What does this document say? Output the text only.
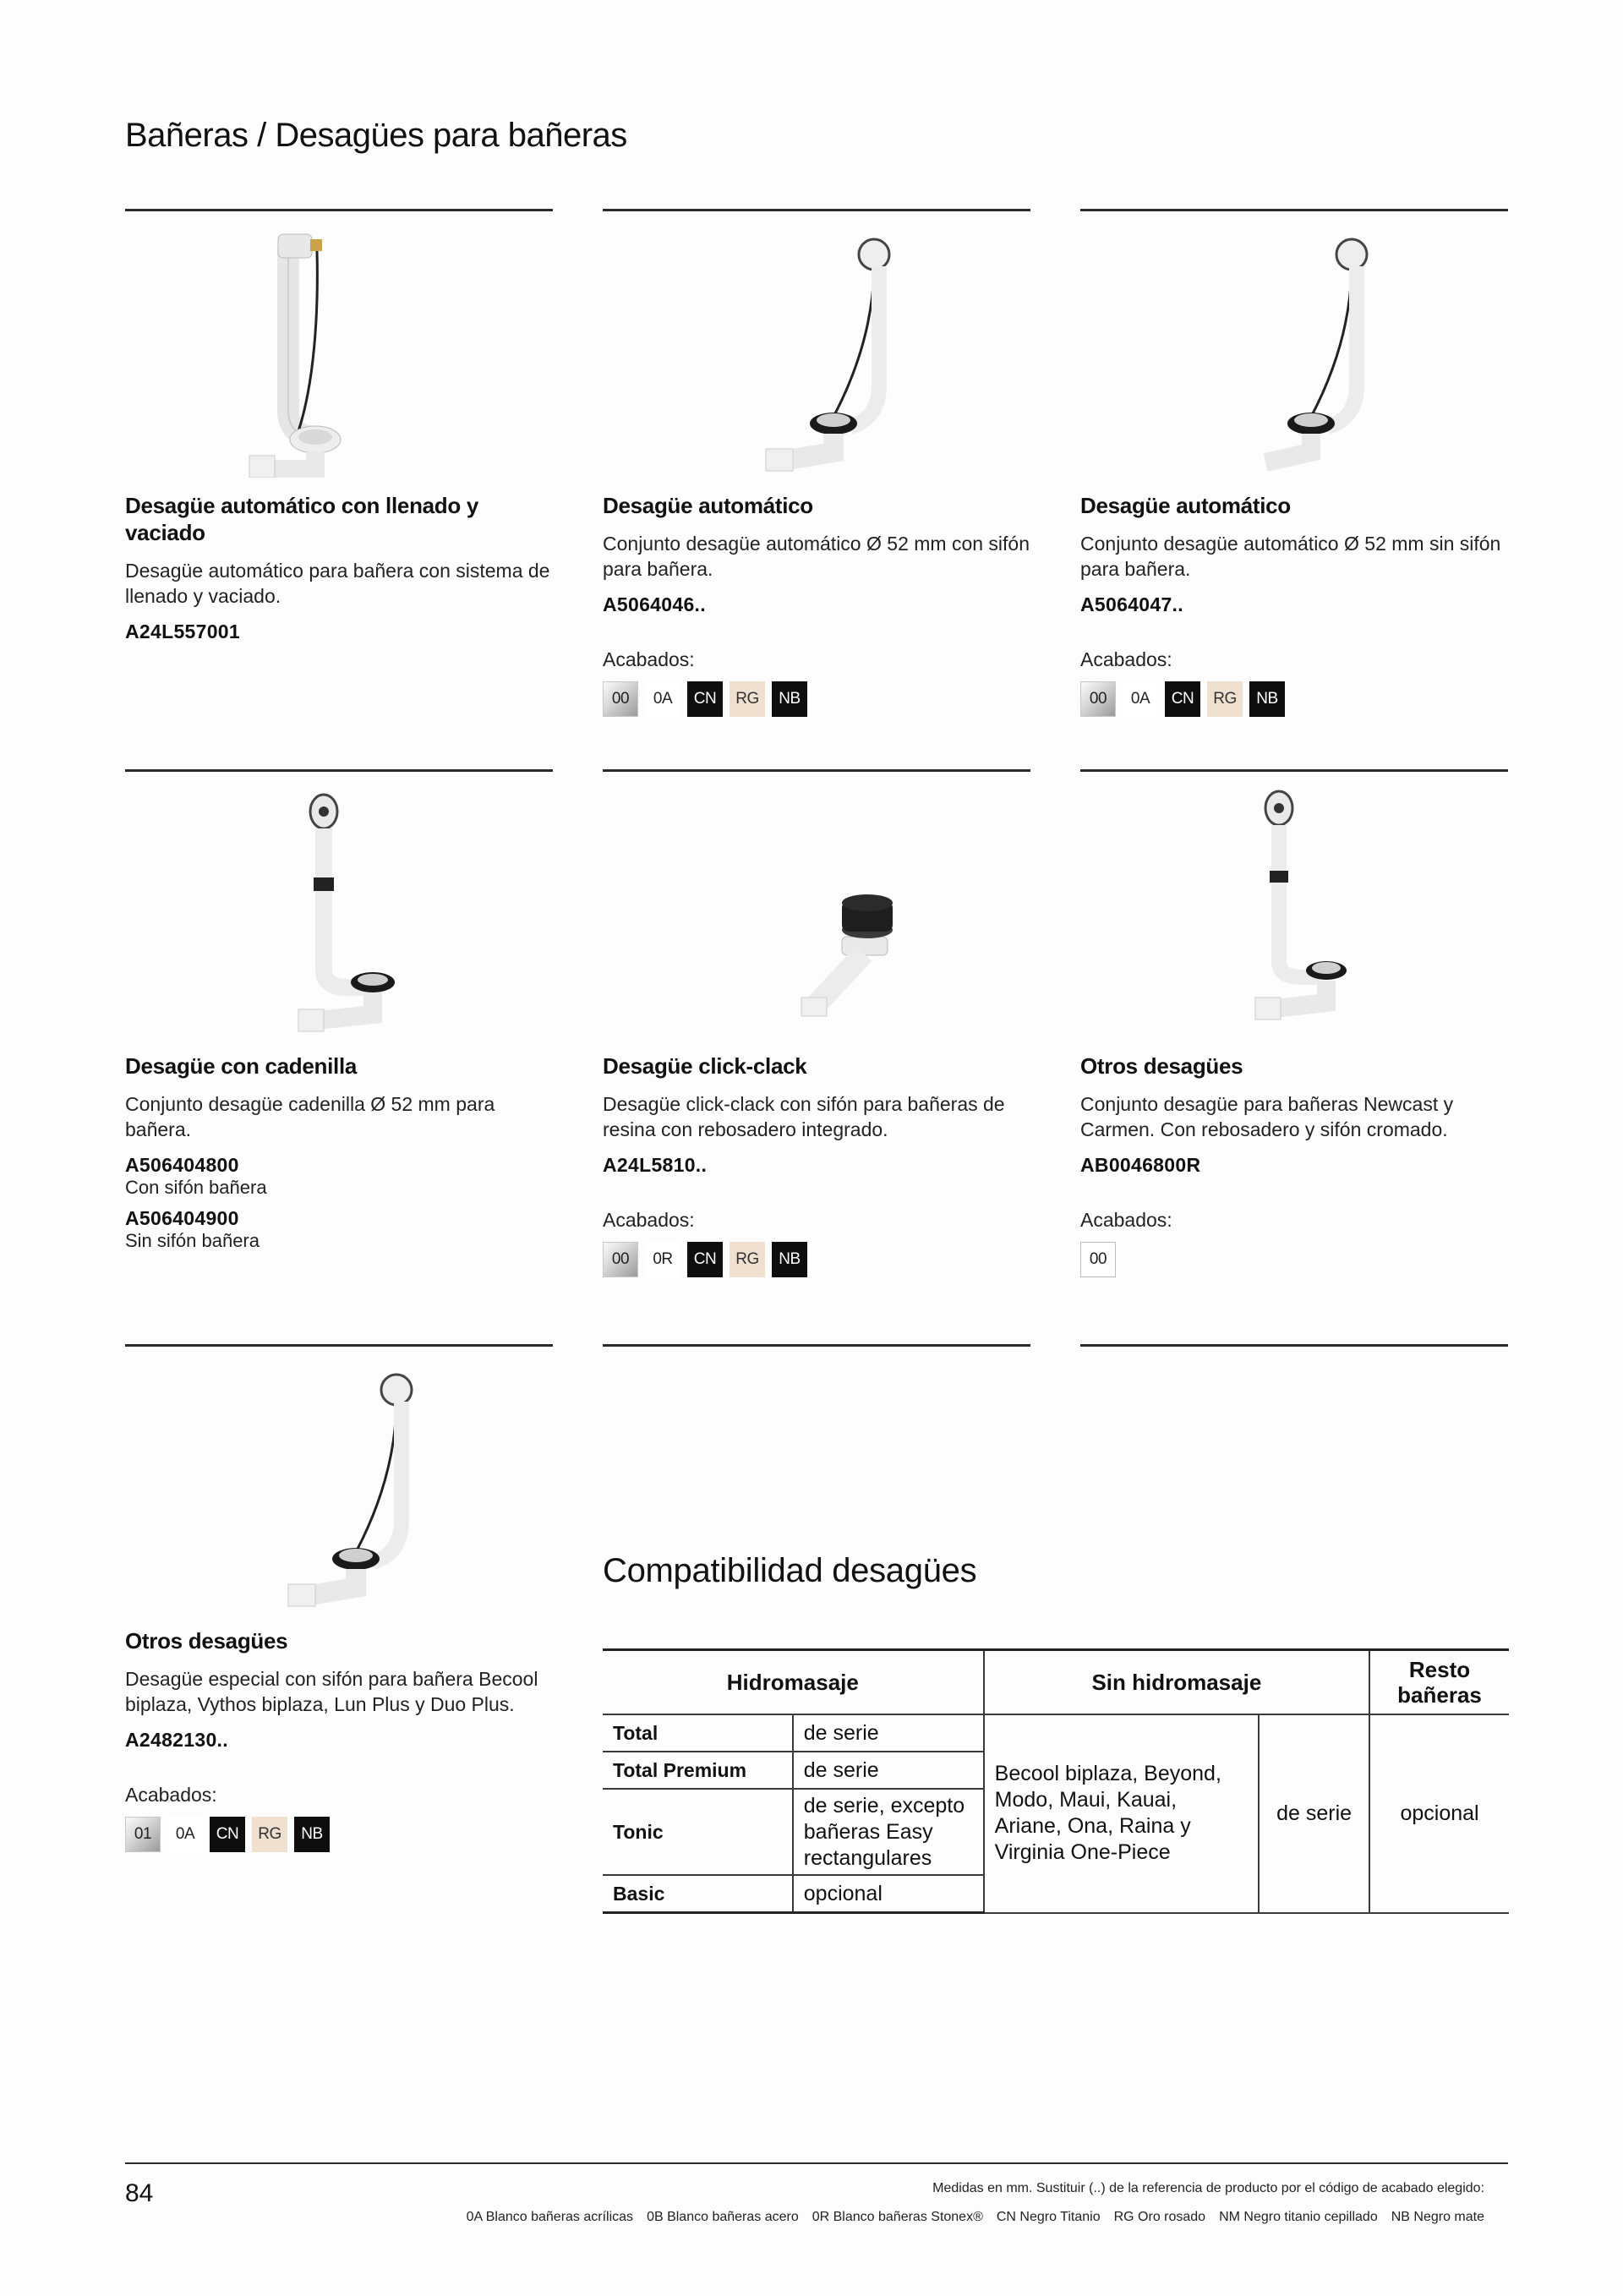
Bañeras / Desagües para bañeras
Desagüe automático con llenado y vaciado
Desagüe automático para bañera con sistema de llenado y vaciado.
A24L557001
Desagüe automático
Conjunto desagüe automático Ø 52 mm con sifón para bañera.
A5064046..
Acabados:
00	0A	CN	RG	NB
Desagüe automático
Conjunto desagüe automático Ø 52 mm sin sifón para bañera.
A5064047..
Acabados:
00	0A	CN	RG	NB
Desagüe con cadenilla
Conjunto desagüe cadenilla Ø 52 mm para bañera.
A506404800
Con sifón bañera
A506404900
Sin sifón bañera
Desagüe click-clack
Desagüe click-clack con sifón para bañeras de resina con rebosadero integrado.
A24L5810..
Acabados:
00	0R	CN	RG	NB
Otros desagües
Conjunto desagüe para bañeras Newcast y Carmen. Con rebosadero y sifón cromado.
AB0046800R
Acabados:
00
Otros desagües
Desagüe especial con sifón para bañera Becool biplaza, Vythos biplaza, Lun Plus y Duo Plus.
A2482130..
Acabados:
01	0A	CN	RG	NB
Compatibilidad desagües
Hidromasaje		Sin hidromasaje		Resto bañeras
Total	de serie	Becool biplaza, Beyond, Modo, Maui, Kauai, Ariane, Ona, Raina y Virginia One-Piece	de serie	opcional
Total Premium	de serie			
Tonic	de serie, excepto bañeras Easy rectangulares			
Basic	opcional			
84	Medidas en mm. Sustituir (..) de la referencia de producto por el código de acabado elegido:
0A Blanco bañeras acrílicas 0B Blanco bañeras acero 0R Blanco bañeras Stonex® CN Negro Titanio RG Oro rosado NM Negro titanio cepillado NB Negro mate
